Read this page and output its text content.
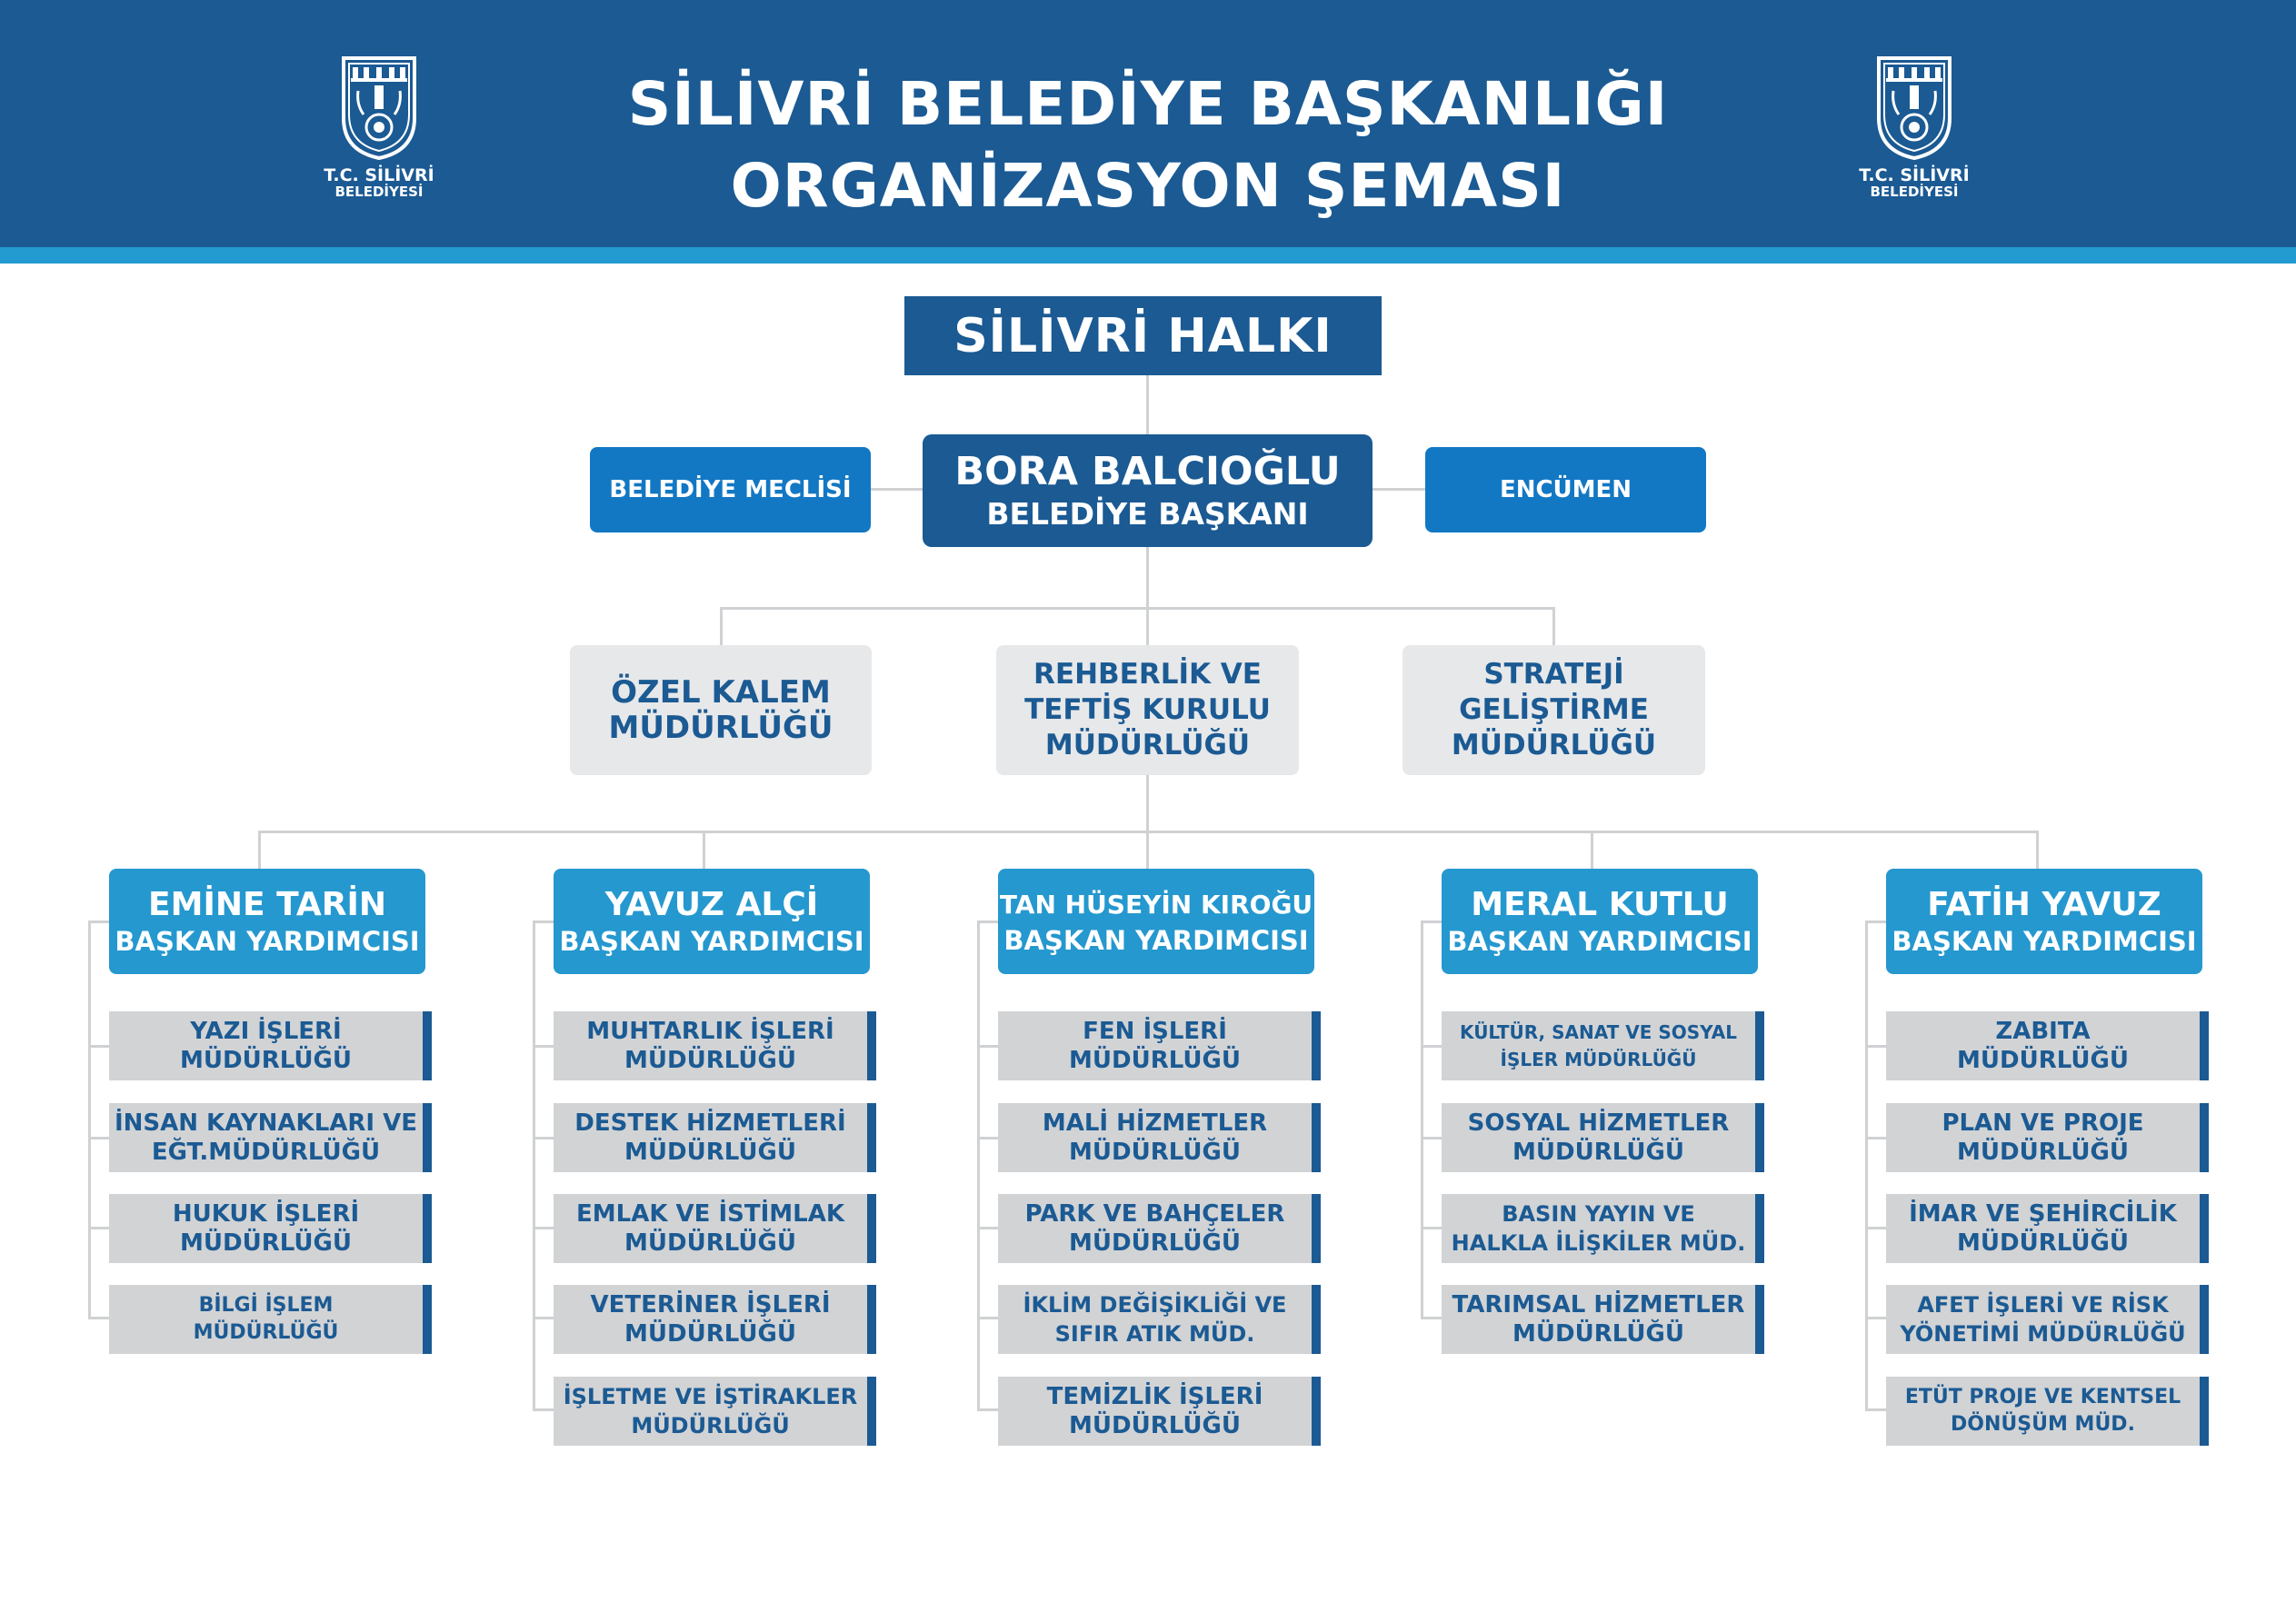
T.C. SİLİVRİ
BELEDİYESİ
T.C. SİLİVRİ
BELEDİYESİ
SİLİVRİ BELEDİYE BAŞKANLIĞI
ORGANİZASYON ŞEMASI
SİLİVRİ HALKI
BORA BALCIOĞLU
BELEDİYE BAŞKANI
BELEDİYE MECLİSİ	ENCÜMEN
ÖZEL KALEM
MÜDÜRLÜĞÜ
REHBERLİK VE
TEFTİŞ KURULU
MÜDÜRLÜĞÜ
STRATEJİ
GELİŞTİRME
MÜDÜRLÜĞÜ
EMİNE TARİN
BAŞKAN YARDIMCISI
YAVUZ ALÇİ
BAŞKAN YARDIMCISI
TAN HÜSEYİN KIROĞU
BAŞKAN YARDIMCISI
MERAL KUTLU
BAŞKAN YARDIMCISI
FATİH YAVUZ
BAŞKAN YARDIMCISI
YAZI İŞLERİ
MÜDÜRLÜĞÜ
İNSAN KAYNAKLARI VE
EĞT.MÜDÜRLÜĞÜ
HUKUK İŞLERİ
MÜDÜRLÜĞÜ
BİLGİ İŞLEM
MÜDÜRLÜĞÜ
MUHTARLIK İŞLERİ
MÜDÜRLÜĞÜ
DESTEK HİZMETLERİ
MÜDÜRLÜĞÜ
EMLAK VE İSTİMLAK
MÜDÜRLÜĞÜ
VETERİNER İŞLERİ
MÜDÜRLÜĞÜ
İŞLETME VE İŞTİRAKLER
MÜDÜRLÜĞÜ
FEN İŞLERİ
MÜDÜRLÜĞÜ
MALİ HİZMETLER
MÜDÜRLÜĞÜ
PARK VE BAHÇELER
MÜDÜRLÜĞÜ
İKLİM DEĞİŞİKLİĞİ VE
SIFIR ATIK MÜD.
TEMİZLİK İŞLERİ
MÜDÜRLÜĞÜ
KÜLTÜR, SANAT VE SOSYAL
İŞLER MÜDÜRLÜĞÜ
SOSYAL HİZMETLER
MÜDÜRLÜĞÜ
BASIN YAYIN VE
HALKLA İLİŞKİLER MÜD.
TARIMSAL HİZMETLER
MÜDÜRLÜĞÜ
ZABITA
MÜDÜRLÜĞÜ
PLAN VE PROJE
MÜDÜRLÜĞÜ
İMAR VE ŞEHİRCİLİK
MÜDÜRLÜĞÜ
AFET İŞLERİ VE RİSK
YÖNETİMİ MÜDÜRLÜĞÜ
ETÜT PROJE VE KENTSEL
DÖNÜŞÜM MÜD.
